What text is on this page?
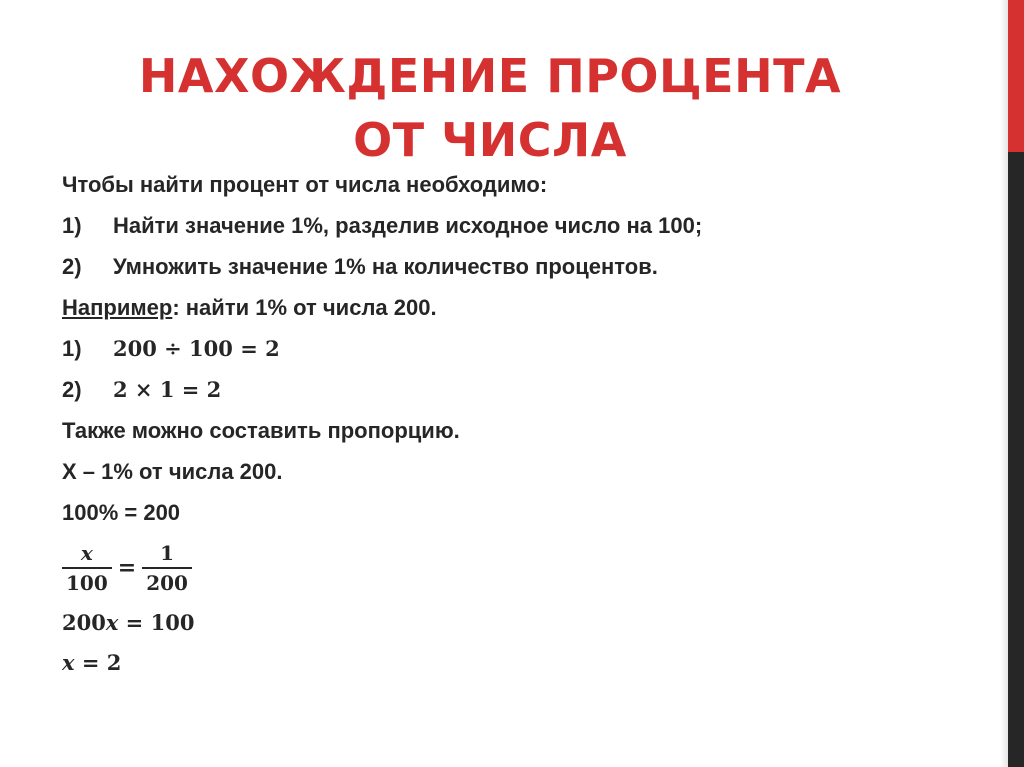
НАХОЖДЕНИЕ ПРОЦЕНТА
ОТ ЧИСЛА
Чтобы найти процент от числа необходимо:
1) Найти значение 1%, разделив исходное число на 100;
2) Умножить значение 1% на количество процентов.
Например: найти 1% от числа 200.
1) 200 ÷ 100 = 2
2) 2 × 1 = 2
Также можно составить пропорцию.
X – 1% от числа 200.
100% = 200
$\frac{x}{100} = \frac{1}{200}$
200x = 100
x = 2
